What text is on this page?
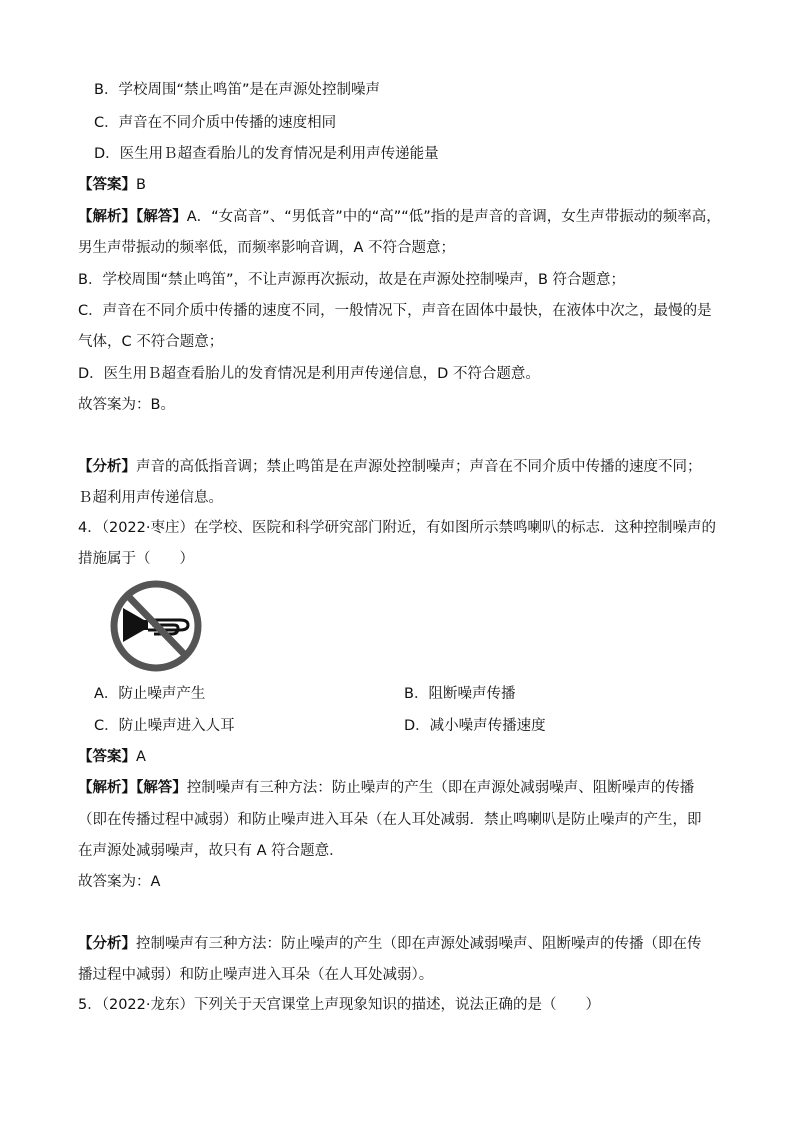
B．学校周围“禁止鸣笛”是在声源处控制噪声
C．声音在不同介质中传播的速度相同
D．医生用Ｂ超查看胎儿的发育情况是利用声传递能量
【答案】B
【解析】【解答】A．“女高音”、“男低音”中的“高”“低”指的是声音的音调，女生声带振动的频率高，
男生声带振动的频率低，而频率影响音调，A 不符合题意；
B．学校周围“禁止鸣笛”，不让声源再次振动，故是在声源处控制噪声，B 符合题意；
C．声音在不同介质中传播的速度不同，一般情况下，声音在固体中最快，在液体中次之，最慢的是
气体，C 不符合题意；
D．医生用Ｂ超查看胎儿的发育情况是利用声传递信息，D 不符合题意。
故答案为：B。
【分析】声音的高低指音调；禁止鸣笛是在声源处控制噪声；声音在不同介质中传播的速度不同；
Ｂ超利用声传递信息。
4．（2022·枣庄）在学校、医院和科学研究部门附近，有如图所示禁鸣喇叭的标志．这种控制噪声的
措施属于（　　）
A．防止噪声产生	B．阻断噪声传播
C．防止噪声进入人耳	D．减小噪声传播速度
【答案】A
【解析】【解答】控制噪声有三种方法：防止噪声的产生（即在声源处减弱噪声、阻断噪声的传播
（即在传播过程中减弱）和防止噪声进入耳朵（在人耳处减弱．禁止鸣喇叭是防止噪声的产生，即
在声源处减弱噪声，故只有 A 符合题意．
故答案为：A
【分析】控制噪声有三种方法：防止噪声的产生（即在声源处减弱噪声、阻断噪声的传播（即在传
播过程中减弱）和防止噪声进入耳朵（在人耳处减弱）。
5．（2022·龙东）下列关于天宫课堂上声现象知识的描述，说法正确的是（　　）
